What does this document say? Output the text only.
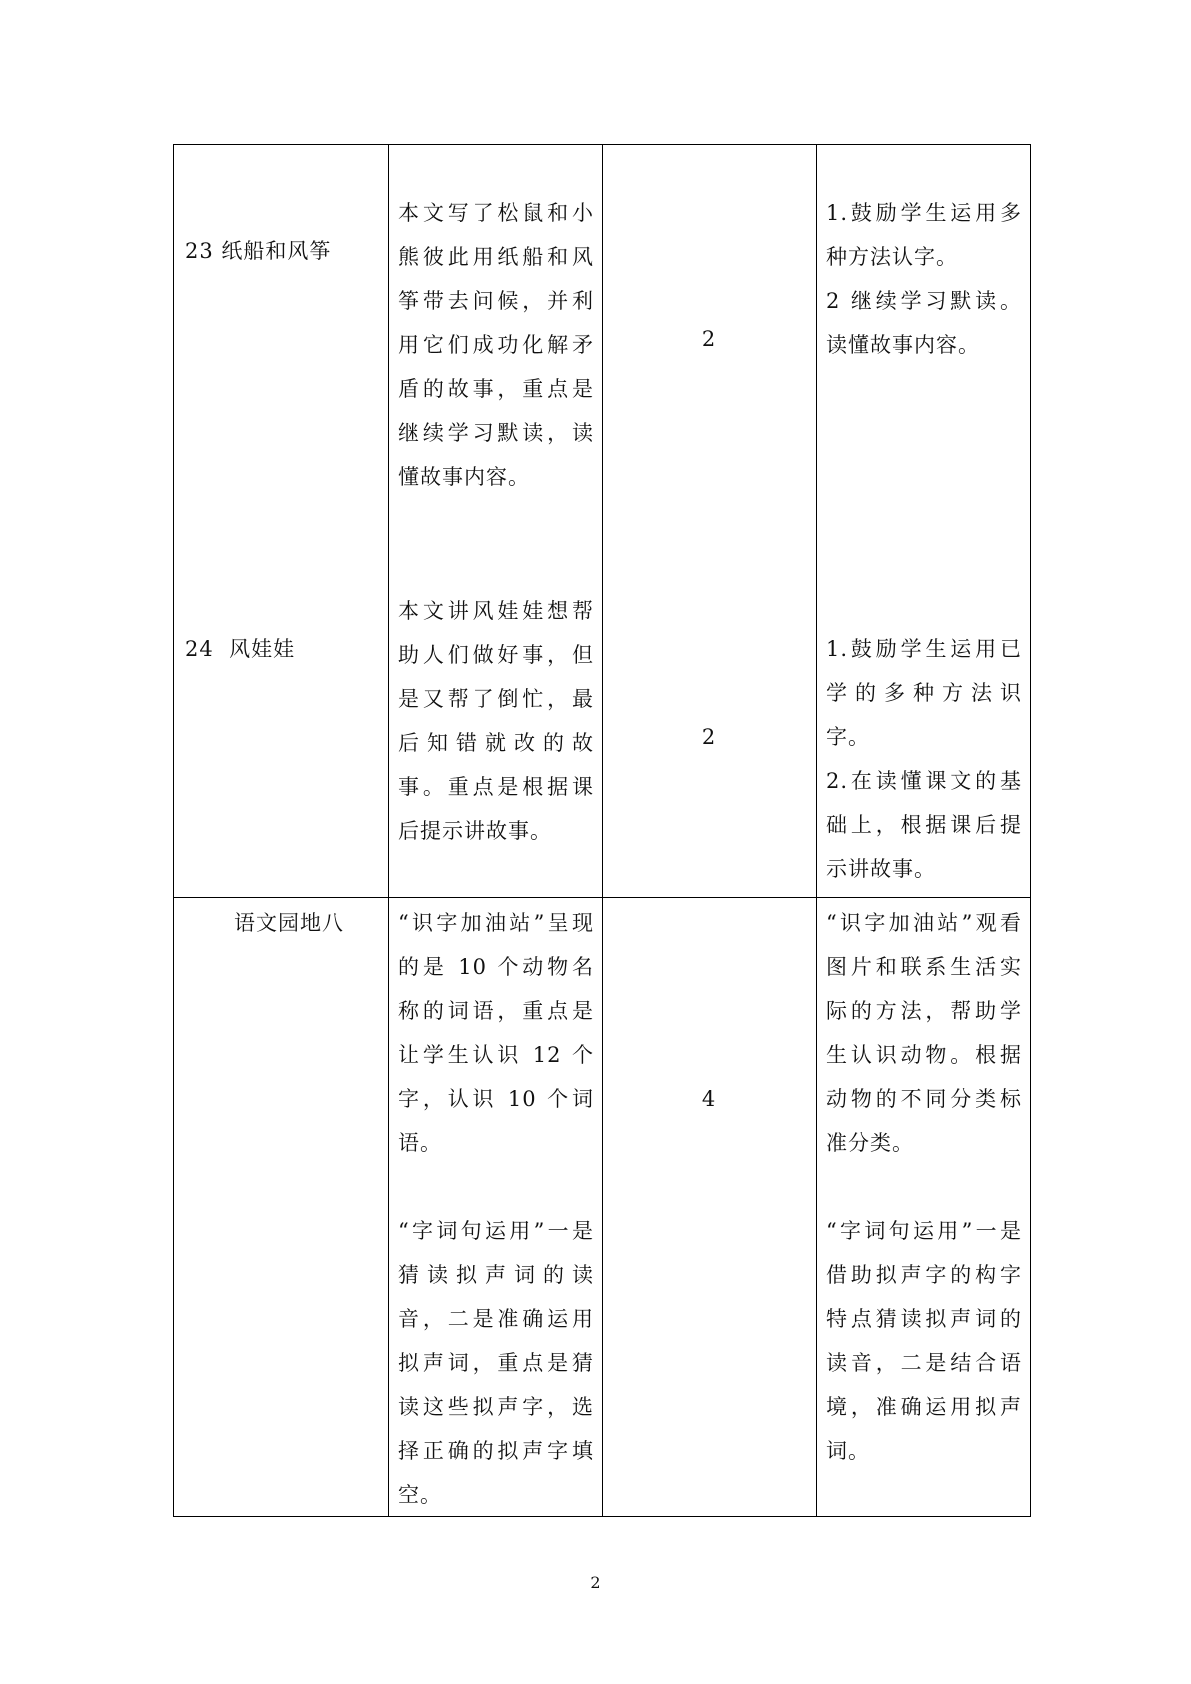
23 纸船和风筝
本文写了松鼠和小熊彼此用纸船和风筝带去问候，并利用它们成功化解矛盾的故事，重点是继续学习默读，读懂故事内容。
2
1.鼓励学生运用多种方法认字。
2 继续学习默读。读懂故事内容。
24  风娃娃
本文讲风娃娃想帮助人们做好事，但是又帮了倒忙，最后知错就改的故事。重点是根据课后提示讲故事。
2
1.鼓励学生运用已学的多种方法识字。
2.在读懂课文的基础上，根据课后提示讲故事。
语文园地八	“识字加油站”呈现的是 10 个动物名称的词语，重点是让学生认识 12 个字，认识 10 个词语。
“字词句运用”一是猜读拟声词的读音，二是准确运用拟声词，重点是猜读这些拟声字，选择正确的拟声字填空。
4
“识字加油站”观看图片和联系生活实际的方法，帮助学生认识动物。根据动物的不同分类标准分类。
“字词句运用”一是借助拟声字的构字特点猜读拟声词的读音，二是结合语境，准确运用拟声词。
2
